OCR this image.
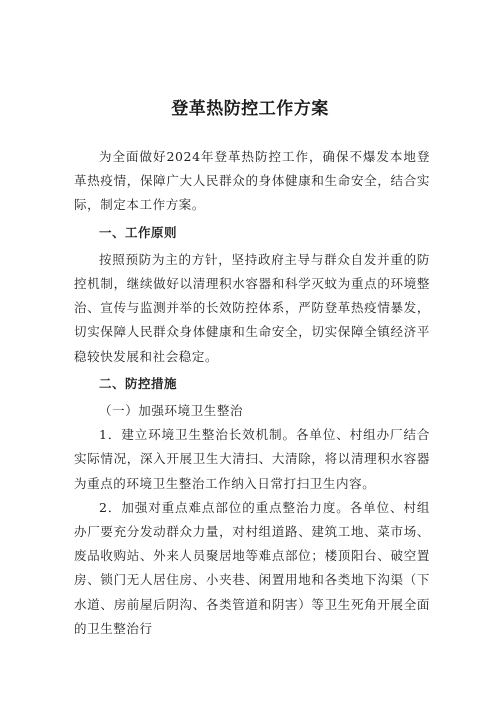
登革热防控工作方案

为全面做好2024年登革热防控工作，确保不爆发本地登革热疫情，保障广大人民群众的身体健康和生命安全，结合实际，制定本工作方案。

一、工作原则

按照预防为主的方针，坚持政府主导与群众自发并重的防控机制，继续做好以清理积水容器和科学灭蚊为重点的环境整治、宣传与监测并举的长效防控体系，严防登革热疫情暴发，切实保障人民群众身体健康和生命安全，切实保障全镇经济平稳较快发展和社会稳定。

二、防控措施

（一）加强环境卫生整治

1．建立环境卫生整治长效机制。各单位、村组办厂结合实际情况，深入开展卫生大清扫、大清除，将以清理积水容器为重点的环境卫生整治工作纳入日常打扫卫生内容。

2．加强对重点难点部位的重点整治力度。各单位、村组办厂要充分发动群众力量，对村组道路、建筑工地、菜市场、废品收购站、外来人员聚居地等难点部位；楼顶阳台、破空置房、锁门无人居住房、小夹巷、闲置用地和各类地下沟渠（下水道、房前屋后阴沟、各类管道和阴害）等卫生死角开展全面的卫生整治行
